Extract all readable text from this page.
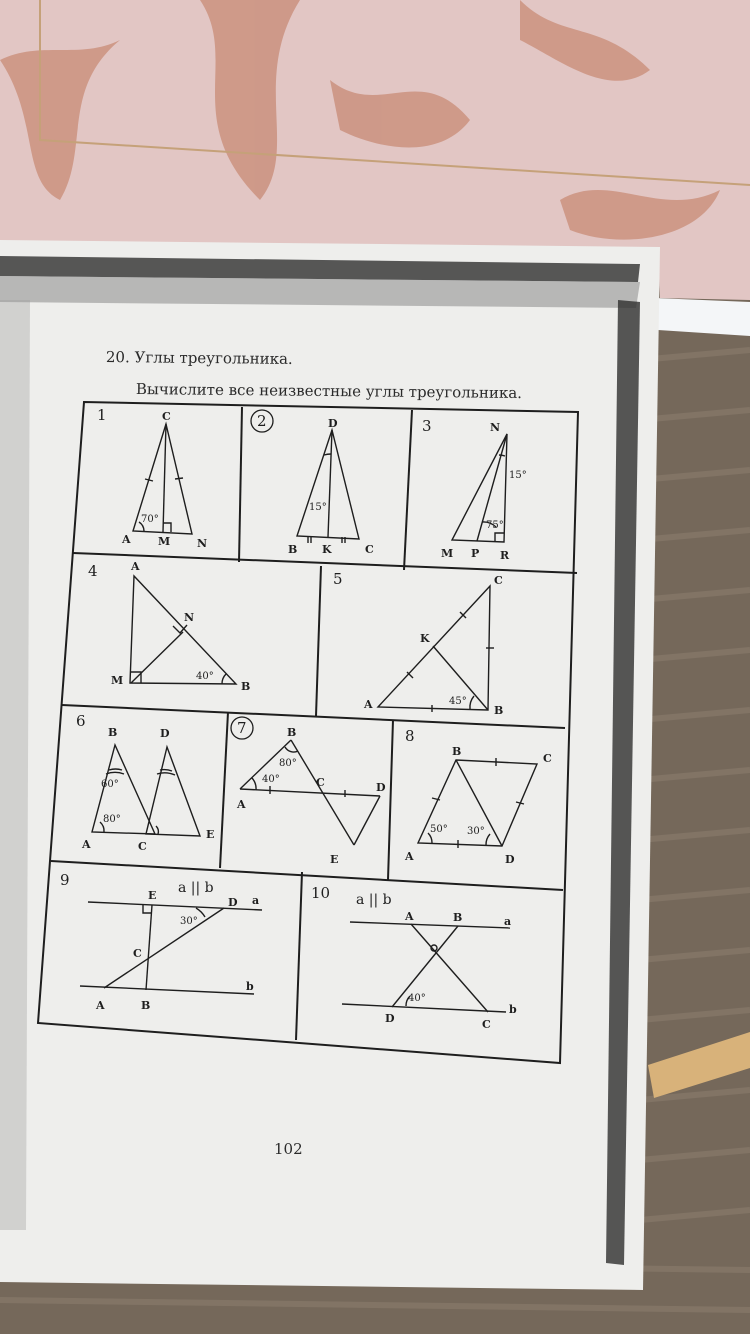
1	C
A M N
70°
2	D
B K	C
15°
3	N
M P R
15°
75°
4	A
N
M	B
40°
5	C
K
A	B
45°
6
B	D
A	C
E
60°
80°
7	B
A
C	D
E
80°
40°
8
B
C
A	D
50° 30°
9	a || b
E
D a
C
A	B
b
30°
10 a || b
A	B	a
D	C
b
40°
20. Углы треугольника.
Вычислите все неизвестные углы треугольника.
102
